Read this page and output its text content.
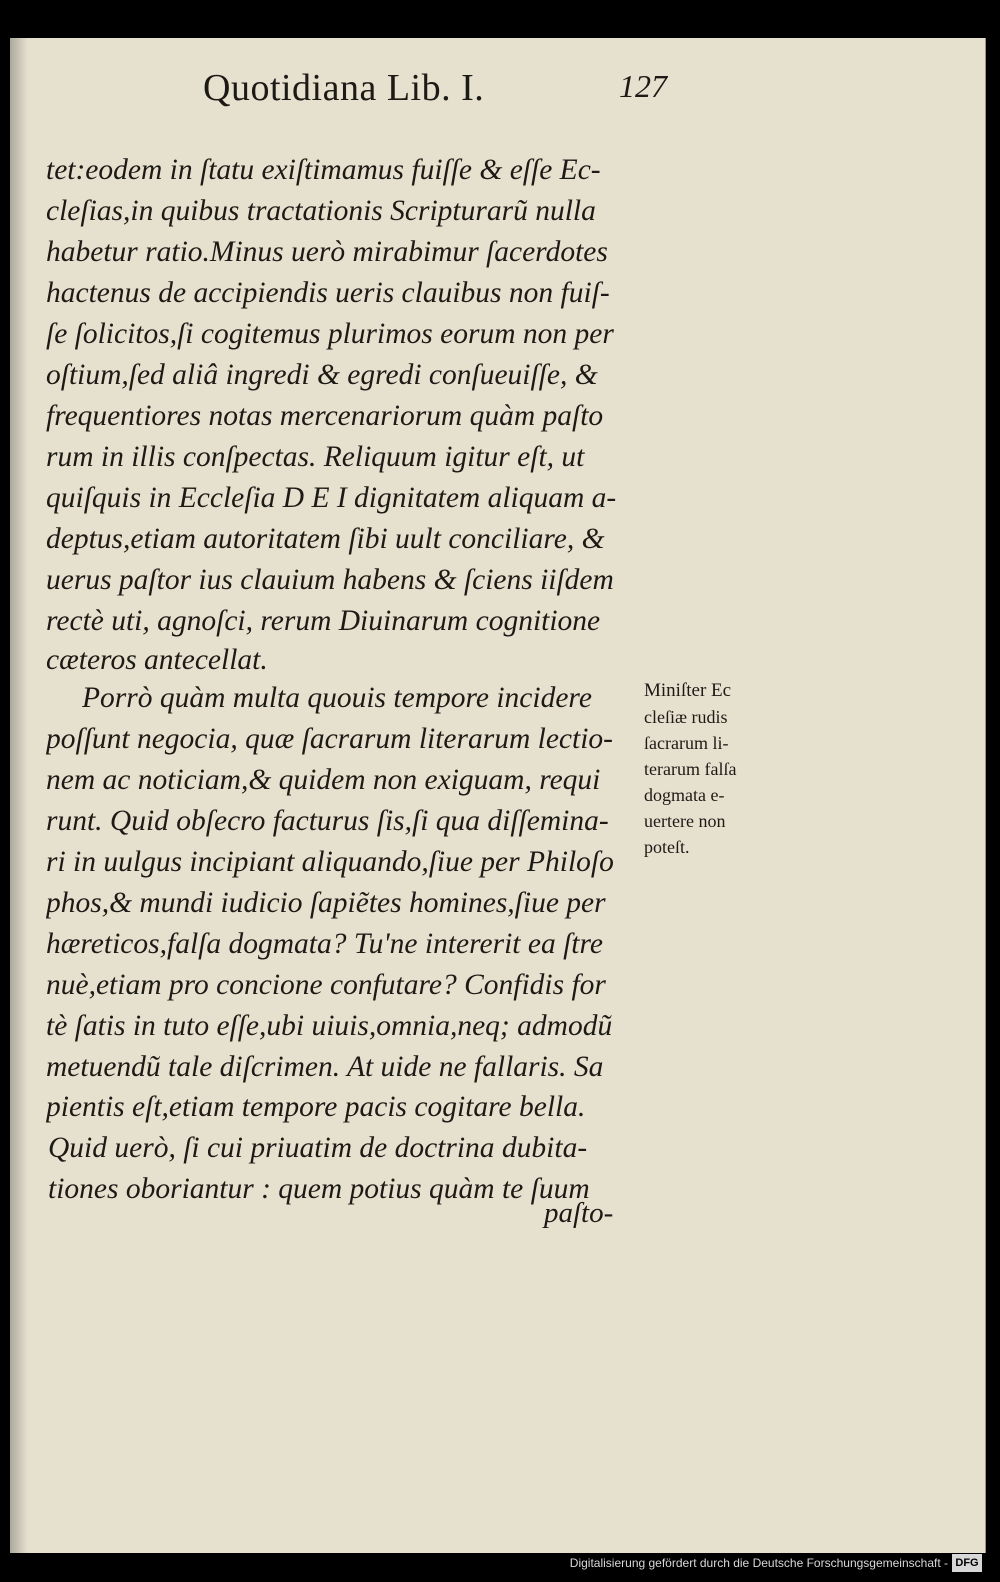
Quotidiana Lib. I.	127
tet:eodem in ſtatu exiſtimamus fuiſſe & eſſe Ec-
cleſias,in quibus tractationis Scripturarũ nulla
habetur ratio.Minus uerò mirabimur ſacerdotes
hactenus de accipiendis ueris clauibus non fuiſ-
ſe ſolicitos,ſi cogitemus plurimos eorum non per
oſtium,ſed aliâ ingredi & egredi conſueuiſſe, &
frequentiores notas mercenariorum quàm paſto
rum in illis conſpectas. Reliquum igitur eſt, ut
quiſquis in Eccleſia D E I dignitatem aliquam a-
deptus,etiam autoritatem ſibi uult conciliare, &
uerus paſtor ius clauium habens & ſciens iiſdem
rectè uti, agnoſci, rerum Diuinarum cognitione
cæteros antecellat.
Porrò quàm multa quouis tempore incidere
poſſunt negocia, quæ ſacrarum literarum lectio-
nem ac noticiam,& quidem non exiguam, requi
runt. Quid obſecro facturus ſis,ſi qua diſſemina-
ri in uulgus incipiant aliquando,ſiue per Philoſo
phos,& mundi iudicio ſapiẽtes homines,ſiue per
hæreticos,falſa dogmata? Tu'ne intererit ea ſtre
nuè,etiam pro concione confutare? Confidis for
tè ſatis in tuto eſſe,ubi uiuis,omnia,neq; admodũ
metuendũ tale diſcrimen. At uide ne fallaris. Sa
pientis eſt,etiam tempore pacis cogitare bella.
Quid uerò, ſi cui priuatim de doctrina dubita-
tiones oboriantur : quem potius quàm te ſuum
paſto-
Miniſter Ec
cleſiæ rudis
ſacrarum li-
terarum falſa
dogmata e-
uertere non
poteſt.
Digitalisierung gefördert durch die Deutsche Forschungsgemeinschaft - DFG
